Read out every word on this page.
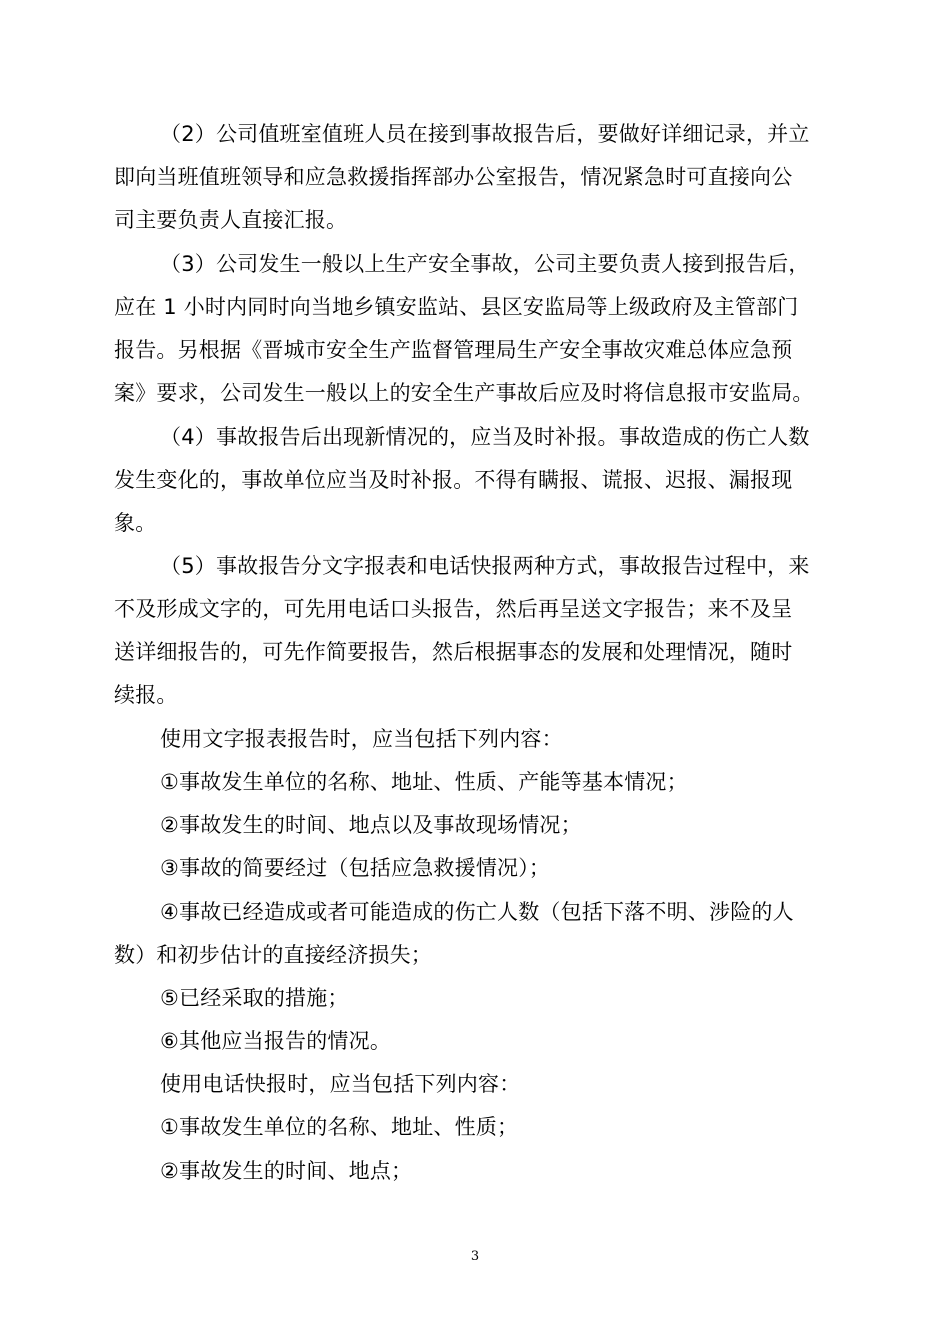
（2）公司值班室值班人员在接到事故报告后，要做好详细记录，并立
即向当班值班领导和应急救援指挥部办公室报告，情况紧急时可直接向公
司主要负责人直接汇报。
（3）公司发生一般以上生产安全事故，公司主要负责人接到报告后，
应在 1 小时内同时向当地乡镇安监站、县区安监局等上级政府及主管部门
报告。另根据《晋城市安全生产监督管理局生产安全事故灾难总体应急预
案》要求，公司发生一般以上的安全生产事故后应及时将信息报市安监局。
（4）事故报告后出现新情况的，应当及时补报。事故造成的伤亡人数
发生变化的，事故单位应当及时补报。不得有瞒报、谎报、迟报、漏报现
象。
（5）事故报告分文字报表和电话快报两种方式，事故报告过程中，来
不及形成文字的，可先用电话口头报告，然后再呈送文字报告；来不及呈
送详细报告的，可先作简要报告，然后根据事态的发展和处理情况，随时
续报。
使用文字报表报告时，应当包括下列内容：
①事故发生单位的名称、地址、性质、产能等基本情况；
②事故发生的时间、地点以及事故现场情况；
③事故的简要经过（包括应急救援情况）；
④事故已经造成或者可能造成的伤亡人数（包括下落不明、涉险的人
数）和初步估计的直接经济损失；
⑤已经采取的措施；
⑥其他应当报告的情况。
使用电话快报时，应当包括下列内容：
①事故发生单位的名称、地址、性质；
②事故发生的时间、地点；
3
